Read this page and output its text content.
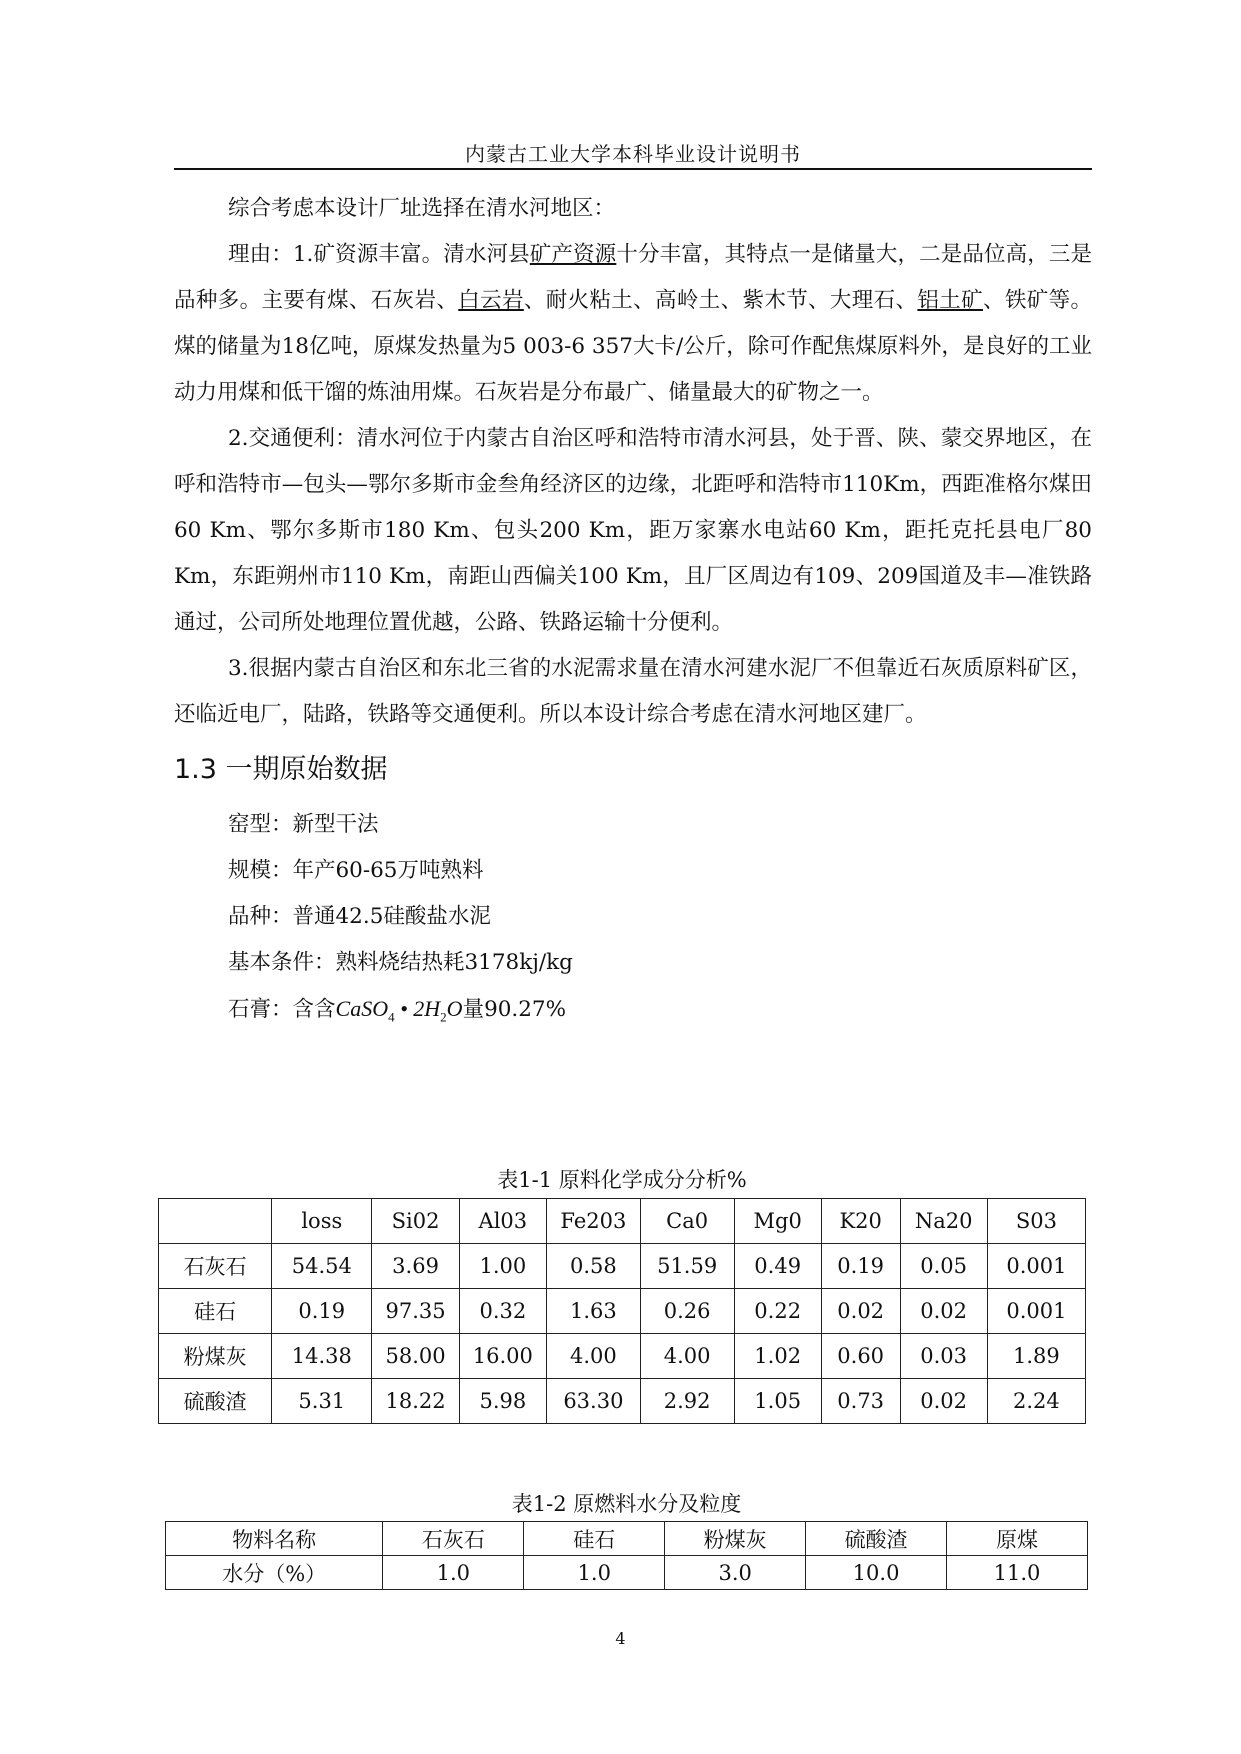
内蒙古工业大学本科毕业设计说明书

综合考虑本设计厂址选择在清水河地区：

理由：1.矿资源丰富。清水河县矿产资源十分丰富，其特点一是储量大，二是品位高，三是品种多。主要有煤、石灰岩、白云岩、耐火粘土、高岭土、紫木节、大理石、铝土矿、铁矿等。煤的储量为18亿吨，原煤发热量为5 003-6 357大卡/公斤，除可作配焦煤原料外，是良好的工业动力用煤和低干馏的炼油用煤。石灰岩是分布最广、储量最大的矿物之一。

2.交通便利：清水河位于内蒙古自治区呼和浩特市清水河县，处于晋、陕、蒙交界地区，在呼和浩特市—包头—鄂尔多斯市金叁角经济区的边缘，北距呼和浩特市110Km，西距准格尔煤田60 Km、鄂尔多斯市180 Km、包头200 Km，距万家寨水电站60 Km，距托克托县电厂80 Km，东距朔州市110 Km，南距山西偏关100 Km，且厂区周边有109、209国道及丰—准铁路通过，公司所处地理位置优越，公路、铁路运输十分便利。

3.很据内蒙古自治区和东北三省的水泥需求量在清水河建水泥厂不但靠近石灰质原料矿区，还临近电厂，陆路，铁路等交通便利。所以本设计综合考虑在清水河地区建厂。

1.3 一期原始数据

窑型：新型干法

规模：年产60-65万吨熟料

品种：普通42.5硅酸盐水泥

基本条件：熟料烧结热耗3178kj/kg

石膏：含含CaSO$_4$ • $2H_2O$量90.27%

表1-1 原料化学成分分析%

	loss	Si02	Al03	Fe203	Ca0	Mg0	K20	Na20	S03
石灰石	54.54	3.69	1.00	0.58	51.59	0.49	0.19	0.05	0.001
硅石	0.19	97.35	0.32	1.63	0.26	0.22	0.02	0.02	0.001
粉煤灰	14.38	58.00	16.00	4.00	4.00	1.02	0.60	0.03	1.89
硫酸渣	5.31	18.22	5.98	63.30	2.92	1.05	0.73	0.02	2.24

表1-2 原燃料水分及粒度

物料名称	石灰石	硅石	粉煤灰	硫酸渣	原煤
水分（%）	1.0	1.0	3.0	10.0	11.0
4
